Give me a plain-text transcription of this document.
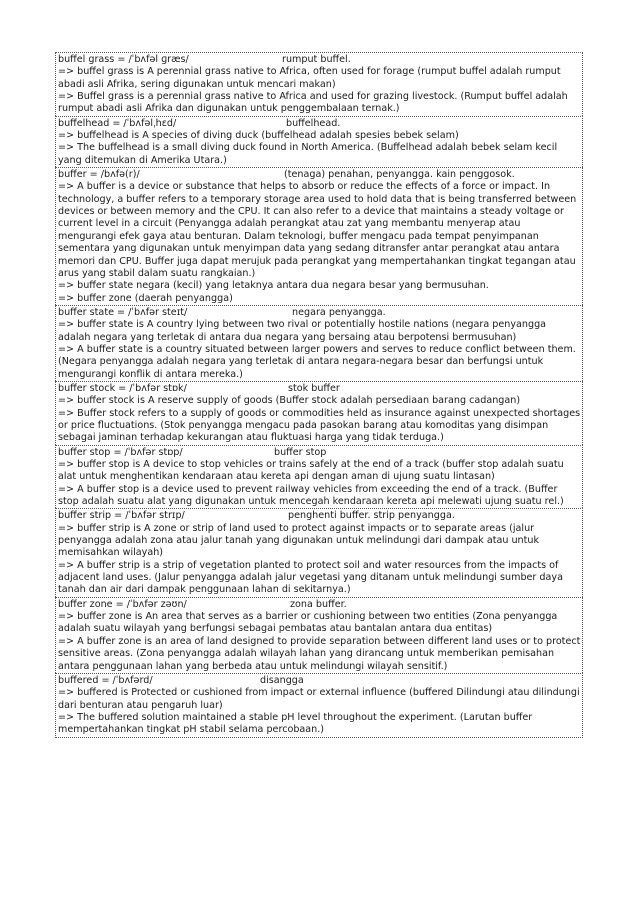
buffel grass = /ˈbʌfəl ɡræs/	rumput buffel.
=> buffel grass is A perennial grass native to Africa, often used for forage (rumput buffel adalah rumput abadi asli Afrika, sering digunakan untuk mencari makan)
=> Buffel grass is a perennial grass native to Africa and used for grazing livestock. (Rumput buffel adalah rumput abadi asli Afrika dan digunakan untuk penggembalaan ternak.)
buffelhead = /ˈbʌfəlˌhɛd/	buffelhead.
=> buffelhead is A species of diving duck (buffelhead adalah spesies bebek selam)
=> The buffelhead is a small diving duck found in North America. (Buffelhead adalah bebek selam kecil yang ditemukan di Amerika Utara.)
buffer = /bʌfə(r)/	(tenaga) penahan, penyangga. kain penggosok.
=> A buffer is a device or substance that helps to absorb or reduce the effects of a force or impact. In technology, a buffer refers to a temporary storage area used to hold data that is being transferred between devices or between memory and the CPU. It can also refer to a device that maintains a steady voltage or current level in a circuit (Penyangga adalah perangkat atau zat yang membantu menyerap atau mengurangi efek gaya atau benturan. Dalam teknologi, buffer mengacu pada tempat penyimpanan sementara yang digunakan untuk menyimpan data yang sedang ditransfer antar perangkat atau antara memori dan CPU. Buffer juga dapat merujuk pada perangkat yang mempertahankan tingkat tegangan atau arus yang stabil dalam suatu rangkaian.)
=> buffer state negara (kecil) yang letaknya antara dua negara besar yang bermusuhan.
=> buffer zone (daerah penyangga)
buffer state = /ˈbʌfər steɪt/	negara penyangga.
=> buffer state is A country lying between two rival or potentially hostile nations (negara penyangga adalah negara yang terletak di antara dua negara yang bersaing atau berpotensi bermusuhan)
=> A buffer state is a country situated between larger powers and serves to reduce conflict between them. (Negara penyangga adalah negara yang terletak di antara negara-negara besar dan berfungsi untuk mengurangi konflik di antara mereka.)
buffer stock = /ˈbʌfər stɒk/	stok buffer
=> buffer stock is A reserve supply of goods (Buffer stock adalah persediaan barang cadangan)
=> Buffer stock refers to a supply of goods or commodities held as insurance against unexpected shortages or price fluctuations. (Stok penyangga mengacu pada pasokan barang atau komoditas yang disimpan sebagai jaminan terhadap kekurangan atau fluktuasi harga yang tidak terduga.)
buffer stop = /ˈbʌfər stɒp/	buffer stop
=> buffer stop is A device to stop vehicles or trains safely at the end of a track (buffer stop adalah suatu alat untuk menghentikan kendaraan atau kereta api dengan aman di ujung suatu lintasan)
=> A buffer stop is a device used to prevent railway vehicles from exceeding the end of a track. (Buffer stop adalah suatu alat yang digunakan untuk mencegah kendaraan kereta api melewati ujung suatu rel.)
buffer strip = /ˈbʌfər strɪp/	penghenti buffer. strip penyangga.
=> buffer strip is A zone or strip of land used to protect against impacts or to separate areas (jalur penyangga adalah zona atau jalur tanah yang digunakan untuk melindungi dari dampak atau untuk memisahkan wilayah)
=> A buffer strip is a strip of vegetation planted to protect soil and water resources from the impacts of adjacent land uses. (Jalur penyangga adalah jalur vegetasi yang ditanam untuk melindungi sumber daya tanah dan air dari dampak penggunaan lahan di sekitarnya.)
buffer zone = /ˈbʌfər zəʊn/	zona buffer.
=> buffer zone is An area that serves as a barrier or cushioning between two entities (Zona penyangga adalah suatu wilayah yang berfungsi sebagai pembatas atau bantalan antara dua entitas)
=> A buffer zone is an area of land designed to provide separation between different land uses or to protect sensitive areas. (Zona penyangga adalah wilayah lahan yang dirancang untuk memberikan pemisahan antara penggunaan lahan yang berbeda atau untuk melindungi wilayah sensitif.)
buffered = /ˈbʌfərd/	disangga
=> buffered is Protected or cushioned from impact or external influence (buffered Dilindungi atau dilindungi dari benturan atau pengaruh luar)
=> The buffered solution maintained a stable pH level throughout the experiment. (Larutan buffer mempertahankan tingkat pH stabil selama percobaan.)
